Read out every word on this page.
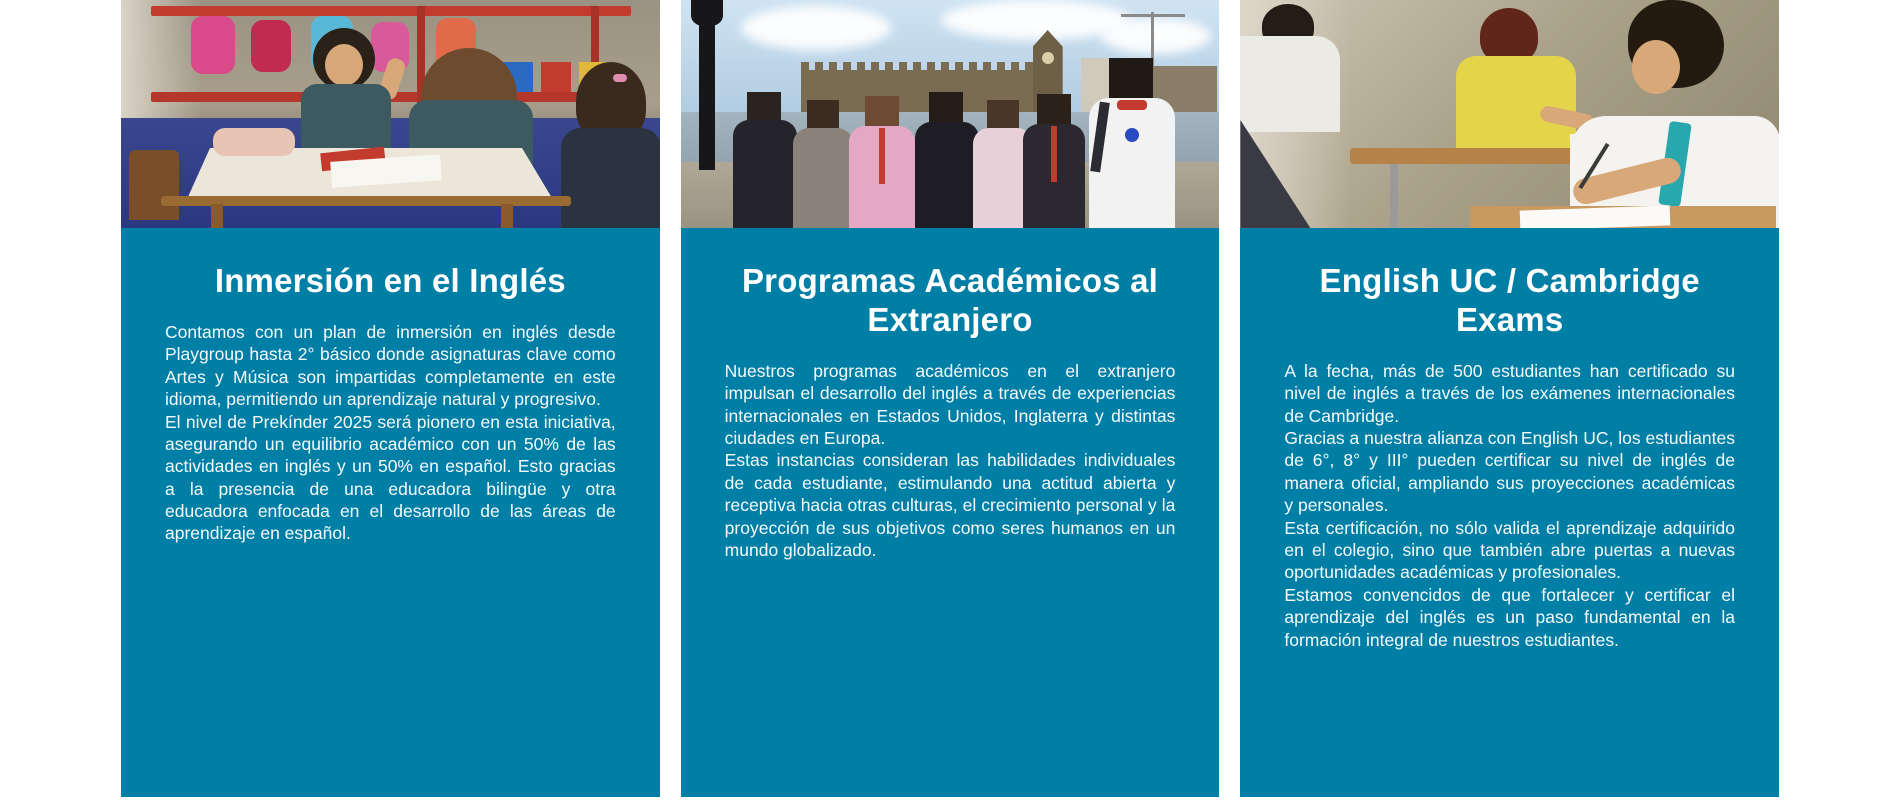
Inmersión en el Inglés

Contamos con un plan de inmersión en inglés desde Playgroup hasta 2° básico donde asignaturas clave como Artes y Música son impartidas completamente en este idioma, permitiendo un aprendizaje natural y progresivo.

El nivel de Prekínder 2025 será pionero en esta iniciativa, asegurando un equilibrio académico con un 50% de las actividades en inglés y un 50% en español. Esto gracias a la presencia de una educadora bilingüe y otra educadora enfocada en el desarrollo de las áreas de aprendizaje en español.

Programas Académicos al Extranjero

Nuestros programas académicos en el extranjero impulsan el desarrollo del inglés a través de experiencias internacionales en Estados Unidos, Inglaterra y distintas ciudades en Europa.

Estas instancias consideran las habilidades individuales de cada estudiante, estimulando una actitud abierta y receptiva hacia otras culturas, el crecimiento personal y la proyección de sus objetivos como seres humanos en un mundo globalizado.

English UC / Cambridge Exams

A la fecha, más de 500 estudiantes han certificado su nivel de inglés a través de los exámenes internacionales de Cambridge.

Gracias a nuestra alianza con English UC, los estudiantes de 6°, 8° y III° pueden certificar su nivel de inglés de manera oficial, ampliando sus proyecciones académicas y personales.

Esta certificación, no sólo valida el aprendizaje adquirido en el colegio, sino que también abre puertas a nuevas oportunidades académicas y profesionales.

Estamos convencidos de que fortalecer y certificar el aprendizaje del inglés es un paso fundamental en la formación integral de nuestros estudiantes.
